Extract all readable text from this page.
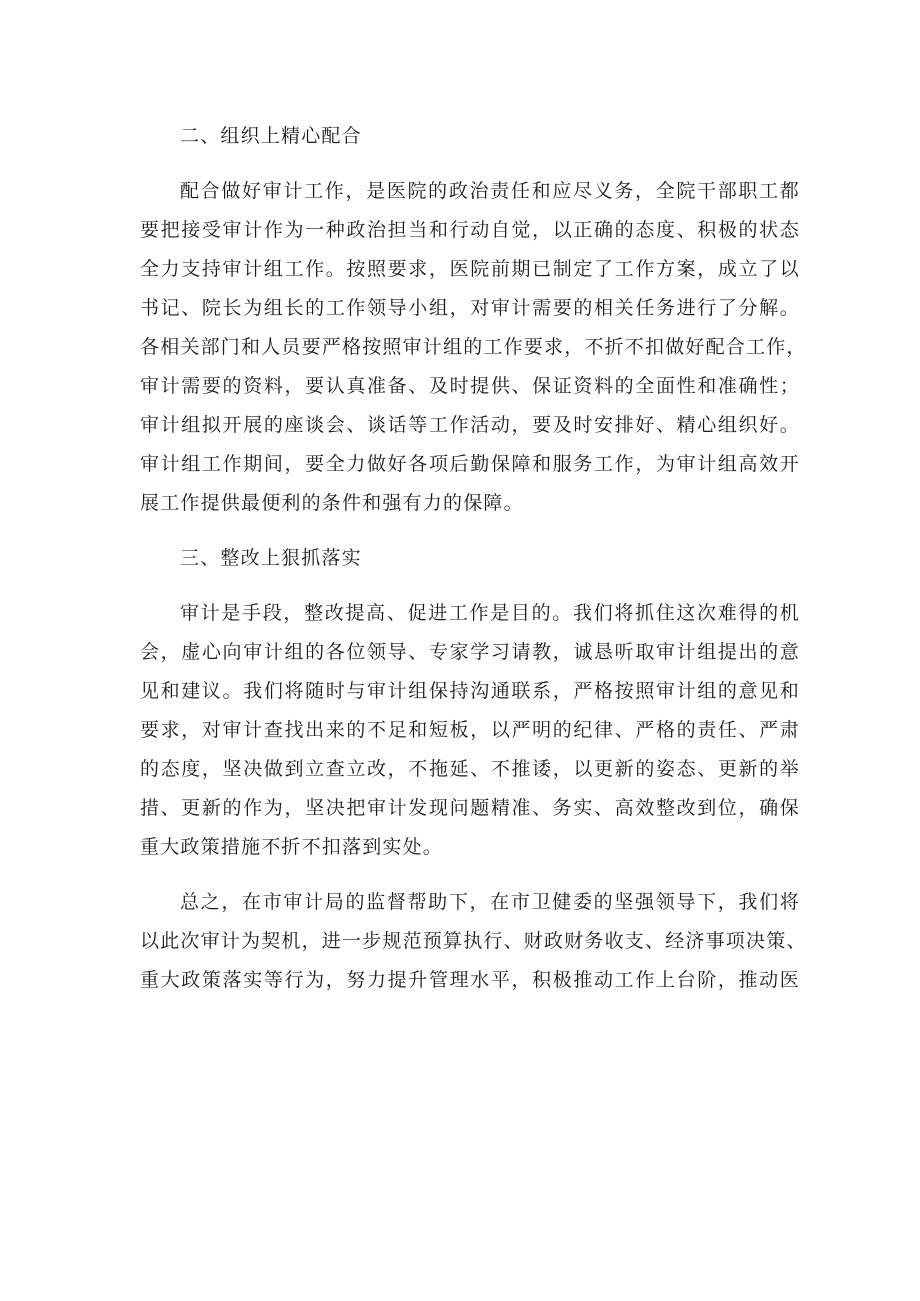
二、组织上精心配合
配合做好审计工作，是医院的政治责任和应尽义务，全院干部职工都
要把接受审计作为一种政治担当和行动自觉，以正确的态度、积极的状态
全力支持审计组工作。按照要求，医院前期已制定了工作方案，成立了以
书记、院长为组长的工作领导小组，对审计需要的相关任务进行了分解。
各相关部门和人员要严格按照审计组的工作要求，不折不扣做好配合工作，
审计需要的资料，要认真准备、及时提供、保证资料的全面性和准确性；
审计组拟开展的座谈会、谈话等工作活动，要及时安排好、精心组织好。
审计组工作期间，要全力做好各项后勤保障和服务工作，为审计组高效开
展工作提供最便利的条件和强有力的保障。
三、整改上狠抓落实
审计是手段，整改提高、促进工作是目的。我们将抓住这次难得的机
会，虚心向审计组的各位领导、专家学习请教，诚恳听取审计组提出的意
见和建议。我们将随时与审计组保持沟通联系，严格按照审计组的意见和
要求，对审计查找出来的不足和短板，以严明的纪律、严格的责任、严肃
的态度，坚决做到立查立改，不拖延、不推诿，以更新的姿态、更新的举
措、更新的作为，坚决把审计发现问题精准、务实、高效整改到位，确保
重大政策措施不折不扣落到实处。
总之，在市审计局的监督帮助下，在市卫健委的坚强领导下，我们将
以此次审计为契机，进一步规范预算执行、财政财务收支、经济事项决策、
重大政策落实等行为，努力提升管理水平，积极推动工作上台阶，推动医
